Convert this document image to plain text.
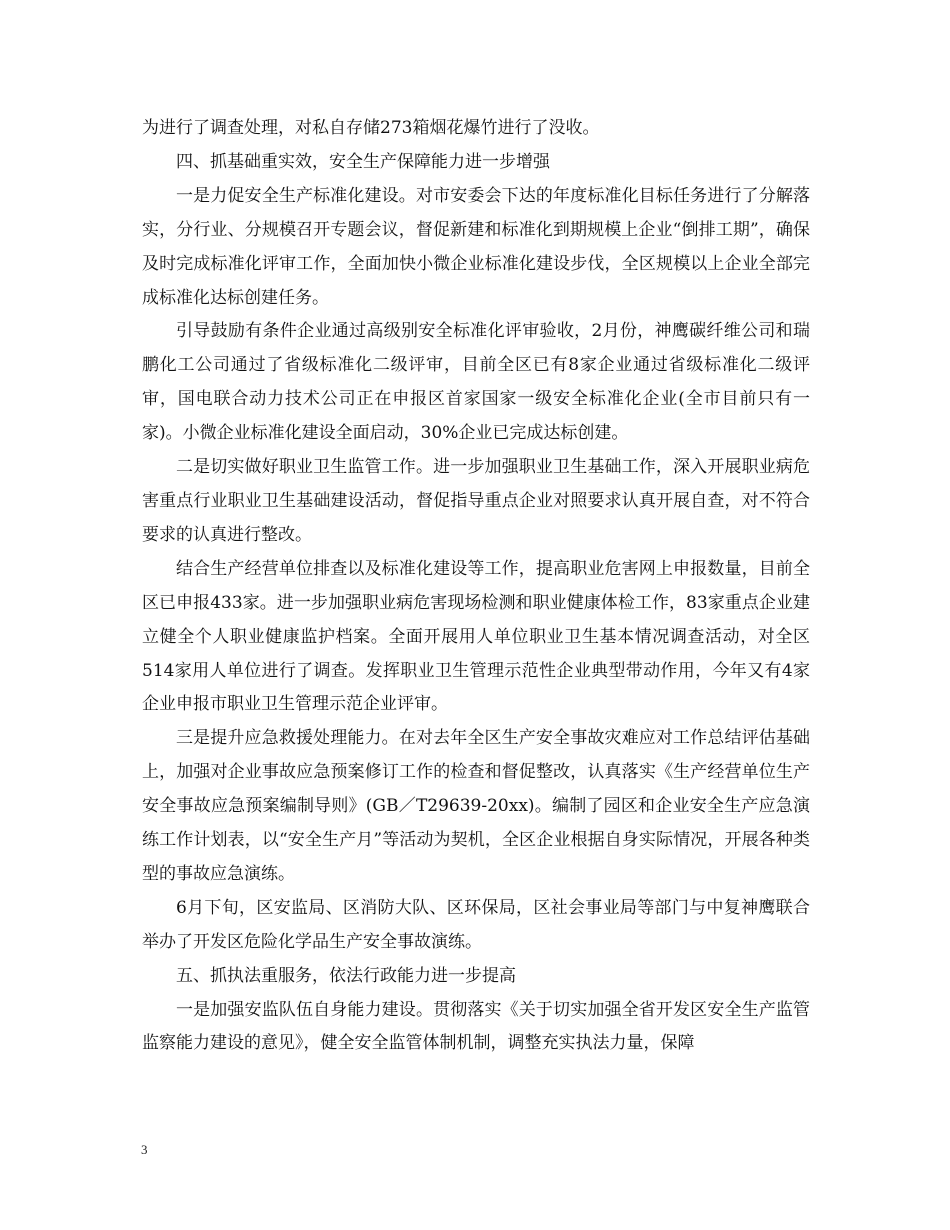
为进行了调查处理，对私自存储273箱烟花爆竹进行了没收。

四、抓基础重实效，安全生产保障能力进一步增强

一是力促安全生产标准化建设。对市安委会下达的年度标准化目标任务进行了分解落实，分行业、分规模召开专题会议，督促新建和标准化到期规模上企业“倒排工期”，确保及时完成标准化评审工作，全面加快小微企业标准化建设步伐，全区规模以上企业全部完成标准化达标创建任务。

引导鼓励有条件企业通过高级别安全标准化评审验收，2月份，神鹰碳纤维公司和瑞鹏化工公司通过了省级标准化二级评审，目前全区已有8家企业通过省级标准化二级评审，国电联合动力技术公司正在申报区首家国家一级安全标准化企业(全市目前只有一家)。小微企业标准化建设全面启动，30%企业已完成达标创建。

二是切实做好职业卫生监管工作。进一步加强职业卫生基础工作，深入开展职业病危害重点行业职业卫生基础建设活动，督促指导重点企业对照要求认真开展自查，对不符合要求的认真进行整改。

结合生产经营单位排查以及标准化建设等工作，提高职业危害网上申报数量，目前全区已申报433家。进一步加强职业病危害现场检测和职业健康体检工作，83家重点企业建立健全个人职业健康监护档案。全面开展用人单位职业卫生基本情况调查活动，对全区514家用人单位进行了调查。发挥职业卫生管理示范性企业典型带动作用，今年又有4家企业申报市职业卫生管理示范企业评审。

三是提升应急救援处理能力。在对去年全区生产安全事故灾难应对工作总结评估基础上，加强对企业事故应急预案修订工作的检查和督促整改，认真落实《生产经营单位生产安全事故应急预案编制导则》(GB／T29639-20xx)。编制了园区和企业安全生产应急演练工作计划表，以“安全生产月”等活动为契机，全区企业根据自身实际情况，开展各种类型的事故应急演练。

6月下旬，区安监局、区消防大队、区环保局，区社会事业局等部门与中复神鹰联合举办了开发区危险化学品生产安全事故演练。

五、抓执法重服务，依法行政能力进一步提高

一是加强安监队伍自身能力建设。贯彻落实《关于切实加强全省开发区安全生产监管监察能力建设的意见》，健全安全监管体制机制，调整充实执法力量，保障

3
